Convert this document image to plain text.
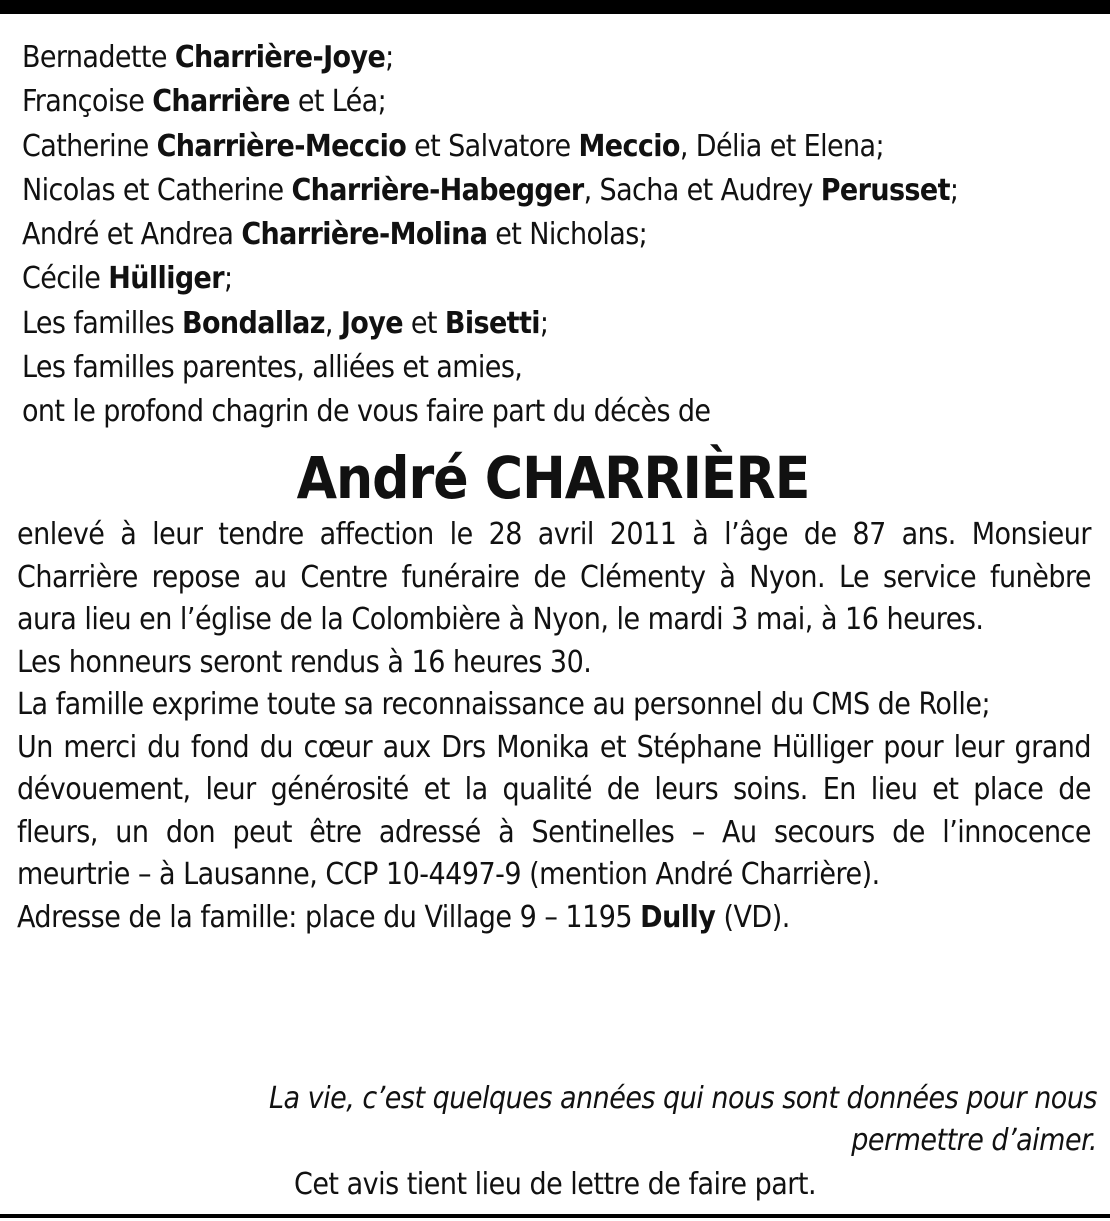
Bernadette Charrière-Joye;
Françoise Charrière et Léa;
Catherine Charrière-Meccio et Salvatore Meccio, Délia et Elena;
Nicolas et Catherine Charrière-Habegger, Sacha et Audrey Perusset;
André et Andrea Charrière-Molina et Nicholas;
Cécile Hülliger;
Les familles Bondallaz, Joye et Bisetti;
Les familles parentes, alliées et amies,
ont le profond chagrin de vous faire part du décès de
André CHARRIÈRE
enlevé à leur tendre affection le 28 avril 2011 à l’âge de 87 ans. Monsieur Charrière repose au Centre funéraire de Clémenty à Nyon. Le service funèbre aura lieu en l’église de la Colombière à Nyon, le mardi 3 mai, à 16 heures.
Les honneurs seront rendus à 16 heures 30.
La famille exprime toute sa reconnaissance au personnel du CMS de Rolle;
Un merci du fond du cœur aux Drs Monika et Stéphane Hülliger pour leur grand dévouement, leur générosité et la qualité de leurs soins. En lieu et place de fleurs, un don peut être adressé à Sentinelles – Au secours de l’innocence meurtrie – à Lausanne, CCP 10-4497-9 (mention André Charrière).
Adresse de la famille: place du Village 9 – 1195 Dully (VD).
La vie, c’est quelques années qui nous sont données pour nous
permettre d’aimer.
Cet avis tient lieu de lettre de faire part.
